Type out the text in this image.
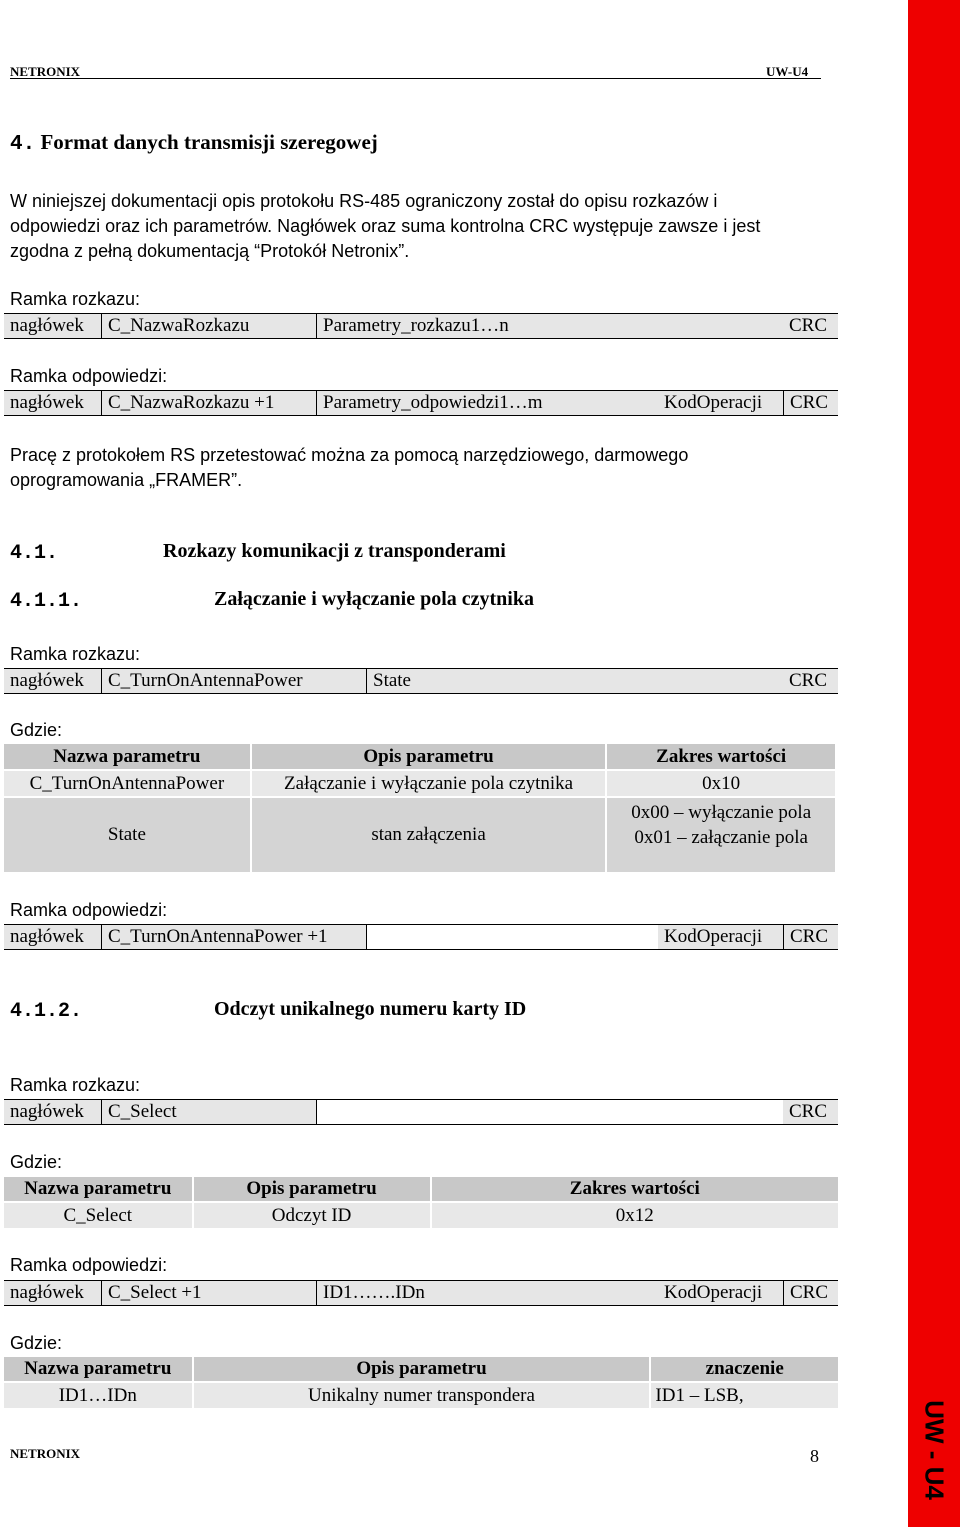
NETRONIX	UW-U4
UW - U4
4. Format danych transmisji szeregowej
W niniejszej dokumentacji opis protokołu RS-485 ograniczony został do opisu rozkazów i
odpowiedzi oraz ich parametrów. Nagłówek oraz suma kontrolna CRC występuje zawsze i jest
zgodna z pełną dokumentacją “Protokół Netronix”.
Ramka rozkazu:
nagłówek	C_NazwaRozkazu	Parametry_rozkazu1…n	CRC
Ramka odpowiedzi:
nagłówek	C_NazwaRozkazu +1	Parametry_odpowiedzi1…m	KodOperacji	CRC
Pracę z protokołem RS przetestować można za pomocą narzędziowego, darmowego
oprogramowania „FRAMER”.
4.1.	Rozkazy komunikacji z transponderami
4.1.1.	Załączanie i wyłączanie pola czytnika
Ramka rozkazu:
nagłówek	C_TurnOnAntennaPower	State	CRC
Gdzie:
Nazwa parametru	Opis parametru	Zakres wartości
C_TurnOnAntennaPower	Załączanie i wyłączanie pola czytnika	0x10
State	stan załączenia	0x00 – wyłączanie pola
0x01 – załączanie pola
Ramka odpowiedzi:
nagłówek	C_TurnOnAntennaPower +1	KodOperacji	CRC
4.1.2.	Odczyt unikalnego numeru karty ID
Ramka rozkazu:
nagłówek	C_Select	CRC
Gdzie:
Nazwa parametru	Opis parametru	Zakres wartości
C_Select	Odczyt ID	0x12
Ramka odpowiedzi:
nagłówek	C_Select +1	ID1…….IDn	KodOperacji	CRC
Gdzie:
Nazwa parametru	Opis parametru	znaczenie
ID1…IDn	Unikalny numer transpondera	ID1 – LSB,
NETRONIX	8
